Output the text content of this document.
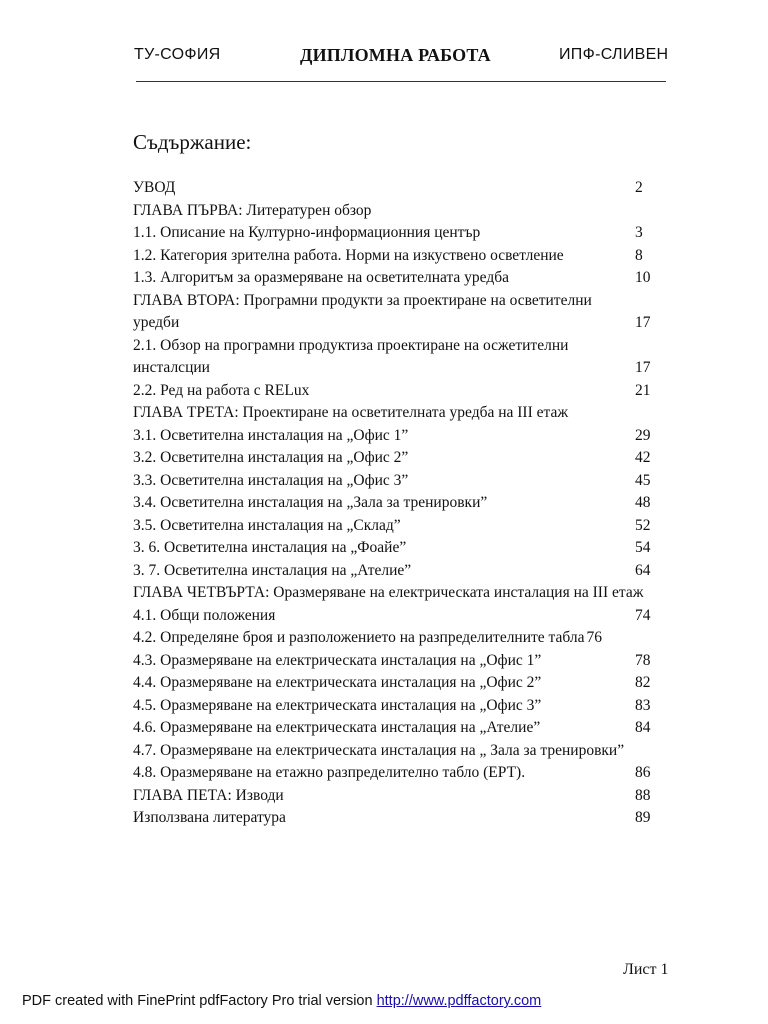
ТУ-СОФИЯ	ДИПЛОМНА РАБОТА	ИПФ-СЛИВЕН
Съдържание:
УВОД	2
ГЛАВА ПЪРВА: Литературен обзор
1.1. Описание на Културно-информационния център	3
1.2. Категория зрителна работа. Норми на изкуствено осветление	8
1.3. Алгоритъм за оразмеряване на осветителната уредба	10
ГЛАВА ВТОРА: Програмни продукти за проектиране на осветителни уредби	17
2.1. Обзор на програмни продуктиза проектиране на осжетителни инсталсции	17
2.2. Ред на работа с RELux	21
ГЛАВА ТРЕТА: Проектиране на осветителната уредба на III етаж
3.1. Осветителна инсталация на „Офис 1”	29
3.2. Осветителна инсталация на „Офис 2”	42
3.3. Осветителна инсталация на „Офис 3”	45
3.4. Осветителна инсталация на „Зала за тренировки”	48
3.5. Осветителна инсталация на „Склад”	52
3. 6. Осветителна инсталация на „Фоайе”	54
3. 7. Осветителна инсталация на „Ателие”	64
ГЛАВА ЧЕТВЪРТА: Оразмеряване на електрическата инсталация на III етаж
4.1. Общи положения	74
4.2. Определяне броя и разположението на разпределителните табла 76
4.3. Оразмеряване на електрическата инсталация на „Офис 1”	78
4.4. Оразмеряване на електрическата инсталация на „Офис 2”	82
4.5. Оразмеряване на електрическата инсталация на „Офис 3”	83
4.6. Оразмеряване на електрическата инсталация на „Ателие”	84
4.7. Оразмеряване на електрическата инсталация на „ Зала за тренировки”
4.8. Оразмеряване на етажно разпределително табло (ЕРТ).	86
ГЛАВА ПЕТА: Изводи	88
Използвана литература	89
Лист 1
PDF created with FinePrint pdfFactory Pro trial version http://www.pdffactory.com
